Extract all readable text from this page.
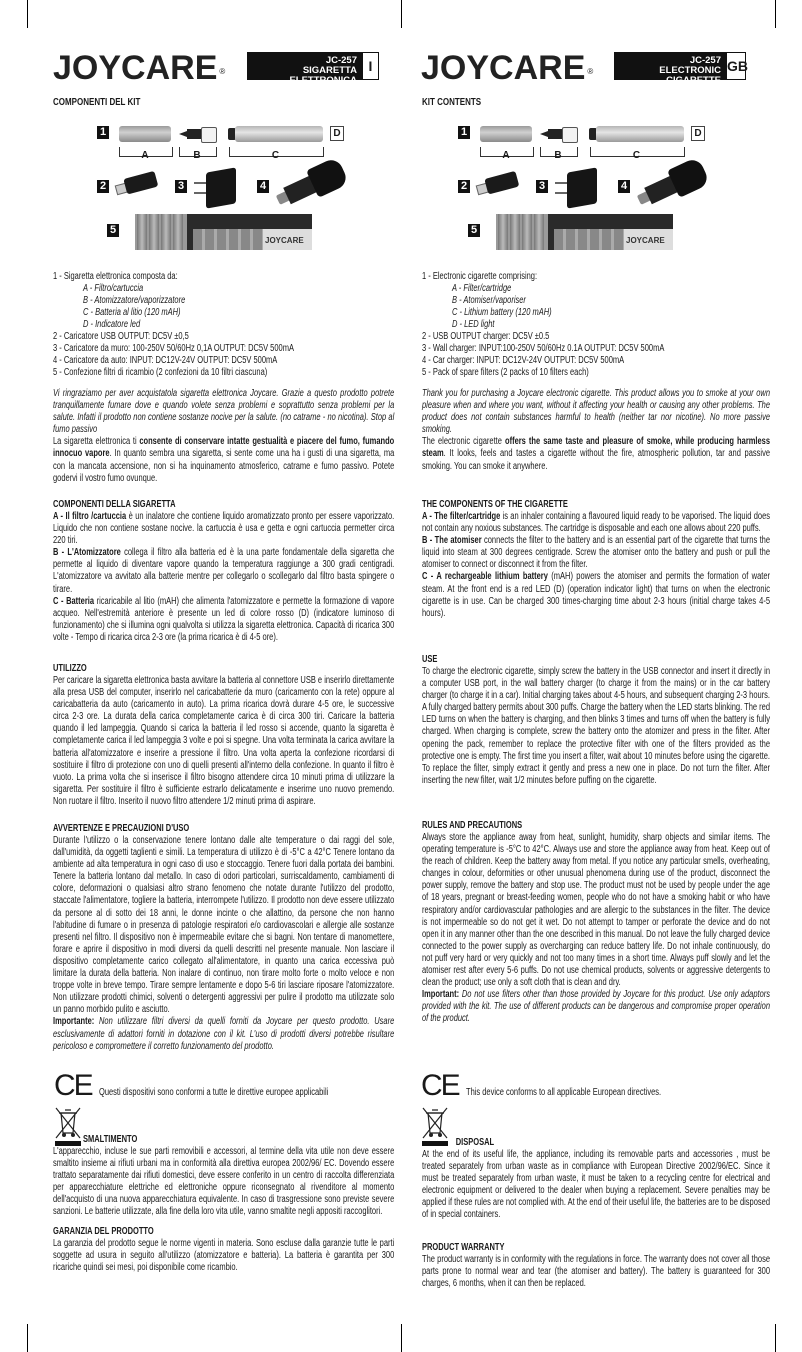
JOYCARE ®
JC-257
SIGARETTA ELETTRONICA
I
COMPONENTI DEL KIT
1	D
A	B	C
2	3	4
5
JOYCARE
1 - Sigaretta elettronica composta da:
A - Filtro/cartuccia
B - Atomizzatore/vaporizzatore
C - Batteria al litio (120 mAH)
D - Indicatore led
2 - Caricatore USB OUTPUT: DC5V ±0,5
3 - Caricatore da muro: 100-250V 50/60Hz 0,1A OUTPUT: DC5V 500mA
4 - Caricatore da auto: INPUT: DC12V-24V OUTPUT: DC5V 500mA
5 - Confezione filtri di ricambio (2 confezioni da 10 filtri ciascuna)
Vi ringraziamo per aver acquistatola sigaretta elettronica Joycare. Grazie a questo prodotto potrete tranquillamente fumare dove e quando volete senza problemi e soprattutto senza problemi per la salute. Infatti il prodotto non contiene sostanze nocive per la salute. (no catrame - no nicotina). Stop al fumo passivo
La sigaretta elettronica ti consente di conservare intatte gestualità e piacere del fumo, fumando innocuo vapore. In quanto sembra una sigaretta, si sente come una ha i gusti di una sigaretta, ma con la mancata accensione, non si ha inquinamento atmosferico, catrame e fumo passivo. Potete godervi il vostro fumo ovunque.
COMPONENTI DELLA SIGARETTA
A - Il filtro /cartuccia è un inalatore che contiene liquido aromatizzato pronto per essere vaporizzato. Liquido che non contiene sostane nocive. la cartuccia è usa e getta e ogni cartuccia permetter circa 220 tiri.
B - L'Atomizzatore collega il filtro alla batteria ed è la una parte fondamentale della sigaretta che permette al liquido di diventare vapore quando la temperatura raggiunge a 300 gradi centigradi. L'atomizzatore va avvitato alla batterie mentre per collegarlo o scollegarlo dal filtro basta spingere o tirare.
C - Batteria ricaricabile al litio (mAH) che alimenta l'atomizzatore e permette la formazione di vapore acqueo. Nell'estremità anteriore è presente un led di colore rosso (D) (indicatore luminoso di funzionamento) che si illumina ogni qualvolta si utilizza la sigaretta elettronica. Capacità di ricarica 300 volte - Tempo di ricarica circa 2-3 ore (la prima ricarica è di 4-5 ore).
UTILIZZO
Per caricare la sigaretta elettronica basta avvitare la batteria al connettore USB e inserirlo direttamente alla presa USB del computer, inserirlo nel caricabatterie da muro (caricamento con la rete) oppure al caricabatteria da auto (caricamento in auto). La prima ricarica dovrà durare 4-5 ore, le successive circa 2-3 ore. La durata della carica completamente carica è di circa 300 tiri. Caricare la batteria quando il led lampeggia. Quando si carica la batteria il led rosso si accende, quanto la sigaretta è completamente carica il led lampeggia 3 volte e poi si spegne. Una volta terminata la carica avvitare la batteria all'atomizzatore e inserire a pressione il filtro. Una volta aperta la confezione ricordarsi di sostituire il filtro di protezione con uno di quelli presenti all'interno della confezione. In quanto il filtro è vuoto. La prima volta che si inserisce il filtro bisogno attendere circa 10 minuti prima di utilizzare la sigaretta. Per sostituire il filtro è sufficiente estrarlo delicatamente e inserirne uno nuovo premendo. Non ruotare il filtro. Inserito il nuovo filtro attendere 1/2 minuti prima di aspirare.
AVVERTENZE E PRECAUZIONI D'USO
Durante l'utilizzo o la conservazione tenere lontano dalle alte temperature o dai raggi del sole, dall'umidità, da oggetti taglienti e simili. La temperatura di utilizzo è di -5°C a 42°C Tenere lontano da ambiente ad alta temperatura in ogni caso di uso e stoccaggio. Tenere fuori dalla portata dei bambini. Tenere la batteria lontano dal metallo. In caso di odori particolari, surriscaldamento, cambiamenti di colore, deformazioni o qualsiasi altro strano fenomeno che notate durante l'utilizzo del prodotto, staccate l'alimentatore, togliere la batteria, interrompete l'utilizzo. Il prodotto non deve essere utilizzato da persone al di sotto dei 18 anni, le donne incinte o che allattino, da persone che non hanno l'abitudine di fumare o in presenza di patologie respiratori e/o cardiovascolari e allergie alle sostanze presenti nel filtro. Il dispositivo non è impermeabile evitare che si bagni. Non tentare di manomettere, forare e aprire il dispositivo in modi diversi da quelli descritti nel presente manuale. Non lasciare il dispositivo completamente carico collegato all'alimentatore, in quanto una carica eccessiva può limitare la durata della batteria. Non inalare di continuo, non tirare molto forte o molto veloce e non troppe volte in breve tempo. Tirare sempre lentamente e dopo 5-6 tiri lasciare riposare l'atomizzatore. Non utilizzare prodotti chimici, solventi o detergenti aggressivi per pulire il prodotto ma utilizzate solo un panno morbido pulito e asciutto.
Importante: Non utilizzare filtri diversi da quelli forniti da Joycare per questo prodotto. Usare esclusivamente di adattori forniti in dotazione con il kit. L'uso di prodotti diversi potrebbe risultare pericoloso e compromettere il corretto funzionamento del prodotto.
CE Questi dispositivi sono conformi a tutte le direttive europee applicabili
SMALTIMENTO
L'apparecchio, incluse le sue parti removibili e accessori, al termine della vita utile non deve essere smaltito insieme ai rifiuti urbani ma in conformità alla direttiva europea 2002/96/ EC. Dovendo essere trattato separatamente dai rifiuti domestici, deve essere conferito in un centro di raccolta differenziata per apparecchiature elettriche ed elettroniche oppure riconsegnato al rivenditore al momento dell'acquisto di una nuova apparecchiatura equivalente. In caso di trasgressione sono previste severe sanzioni. Le batterie utilizzate, alla fine della loro vita utile, vanno smaltite negli appositi raccoglitori.
GARANZIA DEL PRODOTTO
La garanzia del prodotto segue le norme vigenti in materia. Sono escluse dalla garanzie tutte le parti soggette ad usura in seguito all'utilizzo (atomizzatore e batteria). La batteria è garantita per 300 ricariche quindi sei mesi, poi disponibile come ricambio.
JOYCARE ®
JC-257
ELECTRONIC CIGARETTE
GB
KIT CONTENTS
1	D
A	B	C
2	3	4
5
JOYCARE
1 - Electronic cigarette comprising:
A - Filter/cartridge
B - Atomiser/vaporiser
C - Lithium battery (120 mAH)
D - LED light
2 - USB OUTPUT charger: DC5V ±0.5
3 - Wall charger: INPUT:100-250V 50/60Hz 0.1A OUTPUT: DC5V 500mA
4 - Car charger: INPUT: DC12V-24V OUTPUT: DC5V 500mA
5 - Pack of spare filters (2 packs of 10 filters each)
Thank you for purchasing a Joycare electronic cigarette. This product allows you to smoke at your own pleasure when and where you want, without it affecting your health or causing any other problems. The product does not contain substances harmful to health (neither tar nor nicotine). No more passive smoking.
The electronic cigarette offers the same taste and pleasure of smoke, while producing harmless steam. It looks, feels and tastes a cigarette without the fire, atmospheric pollution, tar and passive smoking. You can smoke it anywhere.
THE COMPONENTS OF THE CIGARETTE
A - The filter/cartridge is an inhaler containing a flavoured liquid ready to be vaporised. The liquid does not contain any noxious substances. The cartridge is disposable and each one allows about 220 puffs.
B - The atomiser connects the filter to the battery and is an essential part of the cigarette that turns the liquid into steam at 300 degrees centigrade. Screw the atomiser onto the battery and push or pull the atomiser to connect or disconnect it from the filter.
C - A rechargeable lithium battery (mAH) powers the atomiser and permits the formation of water steam. At the front end is a red LED (D) (operation indicator light) that turns on when the electronic cigarette is in use. Can be charged 300 times-charging time about 2-3 hours (initial charge takes 4-5 hours).
USE
To charge the electronic cigarette, simply screw the battery in the USB connector and insert it directly in a computer USB port, in the wall battery charger (to charge it from the mains) or in the car battery charger (to charge it in a car). Initial charging takes about 4-5 hours, and subsequent charging 2-3 hours. A fully charged battery permits about 300 puffs. Charge the battery when the LED starts blinking. The red LED turns on when the battery is charging, and then blinks 3 times and turns off when the battery is fully charged. When charging is complete, screw the battery onto the atomizer and press in the filter. After opening the pack, remember to replace the protective filter with one of the filters provided as the protective one is empty. The first time you insert a filter, wait about 10 minutes before using the cigarette. To replace the filter, simply extract it gently and press a new one in place. Do not turn the filter. After inserting the new filter, wait 1/2 minutes before puffing on the cigarette.
RULES AND PRECAUTIONS
Always store the appliance away from heat, sunlight, humidity, sharp objects and similar items. The operating temperature is -5°C to 42°C. Always use and store the appliance away from heat. Keep out of the reach of children. Keep the battery away from metal. If you notice any particular smells, overheating, changes in colour, deformities or other unusual phenomena during use of the product, disconnect the power supply, remove the battery and stop use. The product must not be used by people under the age of 18 years, pregnant or breast-feeding women, people who do not have a smoking habit or who have respiratory and/or cardiovascular pathologies and are allergic to the substances in the filter. The device is not impermeable so do not get it wet. Do not attempt to tamper or perforate the device and do not open it in any manner other than the one described in this manual. Do not leave the fully charged device connected to the power supply as overcharging can reduce battery life. Do not inhale continuously, do not puff very hard or very quickly and not too many times in a short time. Always puff slowly and let the atomiser rest after every 5-6 puffs. Do not use chemical products, solvents or aggressive detergents to clean the product; use only a soft cloth that is clean and dry.
Important: Do not use filters other than those provided by Joycare for this product. Use only adaptors provided with the kit. The use of different products can be dangerous and compromise proper operation of the product.
CE This device conforms to all applicable European directives.
DISPOSAL
At the end of its useful life, the appliance, including its removable parts and accessories , must be treated separately from urban waste as in compliance with European Directive 2002/96/EC. Since it must be treated separately from urban waste, it must be taken to a recycling centre for electrical and electronic equipment or delivered to the dealer when buying a replacement. Severe penalties may be applied if these rules are not complied with. At the end of their useful life, the batteries are to be disposed of in special containers.
PRODUCT WARRANTY
The product warranty is in conformity with the regulations in force. The warranty does not cover all those parts prone to normal wear and tear (the atomiser and battery). The battery is guaranteed for 300 charges, 6 months, when it can then be replaced.
